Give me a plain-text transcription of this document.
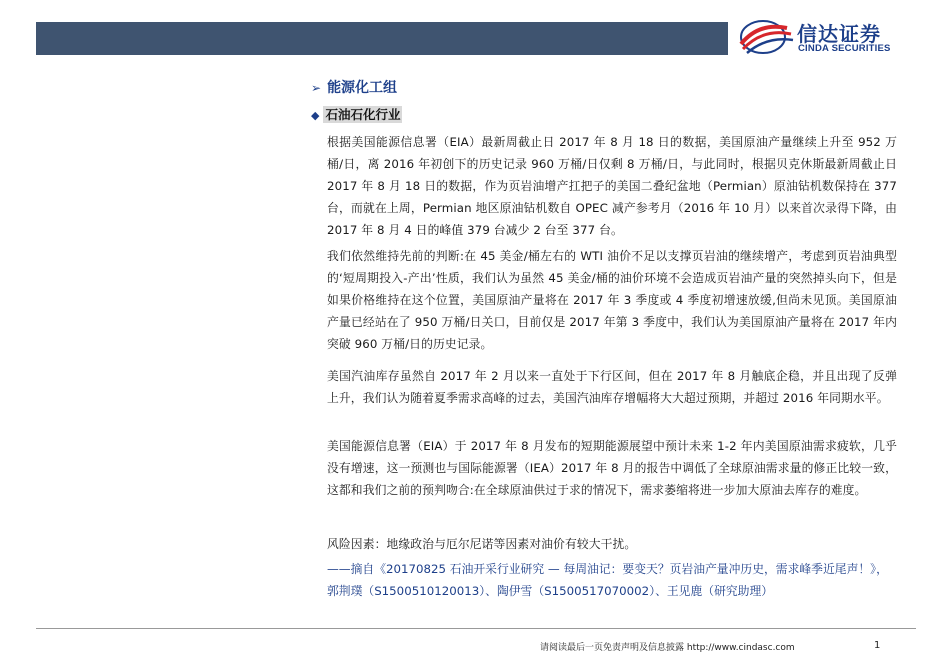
信达证券
CINDA SECURITIES
➢ 能源化工组
◆ 石油石化行业

根据美国能源信息署（EIA）最新周截止日 2017 年 8 月 18 日的数据，美国原油产量继续上升至 952 万桶/日，离 2016 年初创下的历史记录 960 万桶/日仅剩 8 万桶/日，与此同时，根据贝克休斯最新周截止日 2017 年 8 月 18 日的数据，作为页岩油增产扛把子的美国二叠纪盆地（Permian）原油钻机数保持在 377 台，而就在上周，Permian 地区原油钻机数自 OPEC 减产参考月（2016 年 10 月）以来首次录得下降，由 2017 年 8 月 4 日的峰值 379 台减少 2 台至 377 台。

我们依然维持先前的判断:在 45 美金/桶左右的 WTI 油价不足以支撑页岩油的继续增产，考虑到页岩油典型的‘短周期投入-产出’性质，我们认为虽然 45 美金/桶的油价环境不会造成页岩油产量的突然掉头向下，但是如果价格维持在这个位置，美国原油产量将在 2017 年 3 季度或 4 季度初增速放缓,但尚未见顶。美国原油产量已经站在了 950 万桶/日关口，目前仅是 2017 年第 3 季度中，我们认为美国原油产量将在 2017 年内突破 960 万桶/日的历史记录。

美国汽油库存虽然自 2017 年 2 月以来一直处于下行区间，但在 2017 年 8 月触底企稳，并且出现了反弹上升，我们认为随着夏季需求高峰的过去，美国汽油库存增幅将大大超过预期，并超过 2016 年同期水平。

美国能源信息署（EIA）于 2017 年 8 月发布的短期能源展望中预计未来 1-2 年内美国原油需求疲软，几乎没有增速，这一预测也与国际能源署（IEA）2017 年 8 月的报告中调低了全球原油需求量的修正比较一致，这都和我们之前的预判吻合:在全球原油供过于求的情况下，需求萎缩将进一步加大原油去库存的难度。

风险因素：地缘政治与厄尔尼诺等因素对油价有较大干扰。

——摘自《20170825 石油开采行业研究 — 每周油记：要变天？页岩油产量冲历史，需求峰季近尾声！》，郭荆璞（S1500510120013）、陶伊雪（S1500517070002）、王见鹿（研究助理）

请阅读最后一页免责声明及信息披露 http://www.cindasc.com	1
